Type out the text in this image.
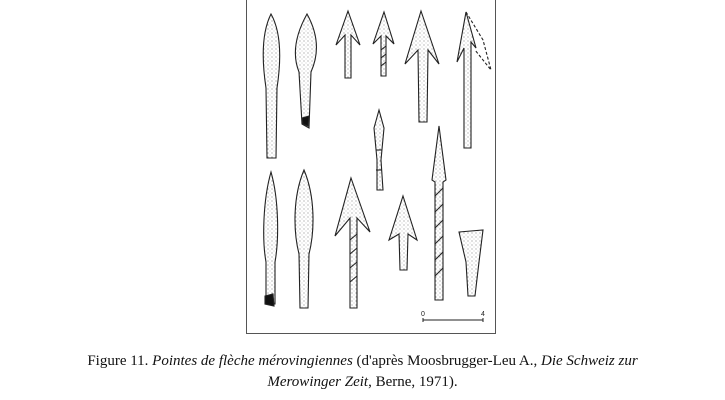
0	4
Figure 11. Pointes de flèche mérovingiennes (d'après Moosbrugger-Leu A., Die Schweiz zur
Merowinger Zeit, Berne, 1971).
